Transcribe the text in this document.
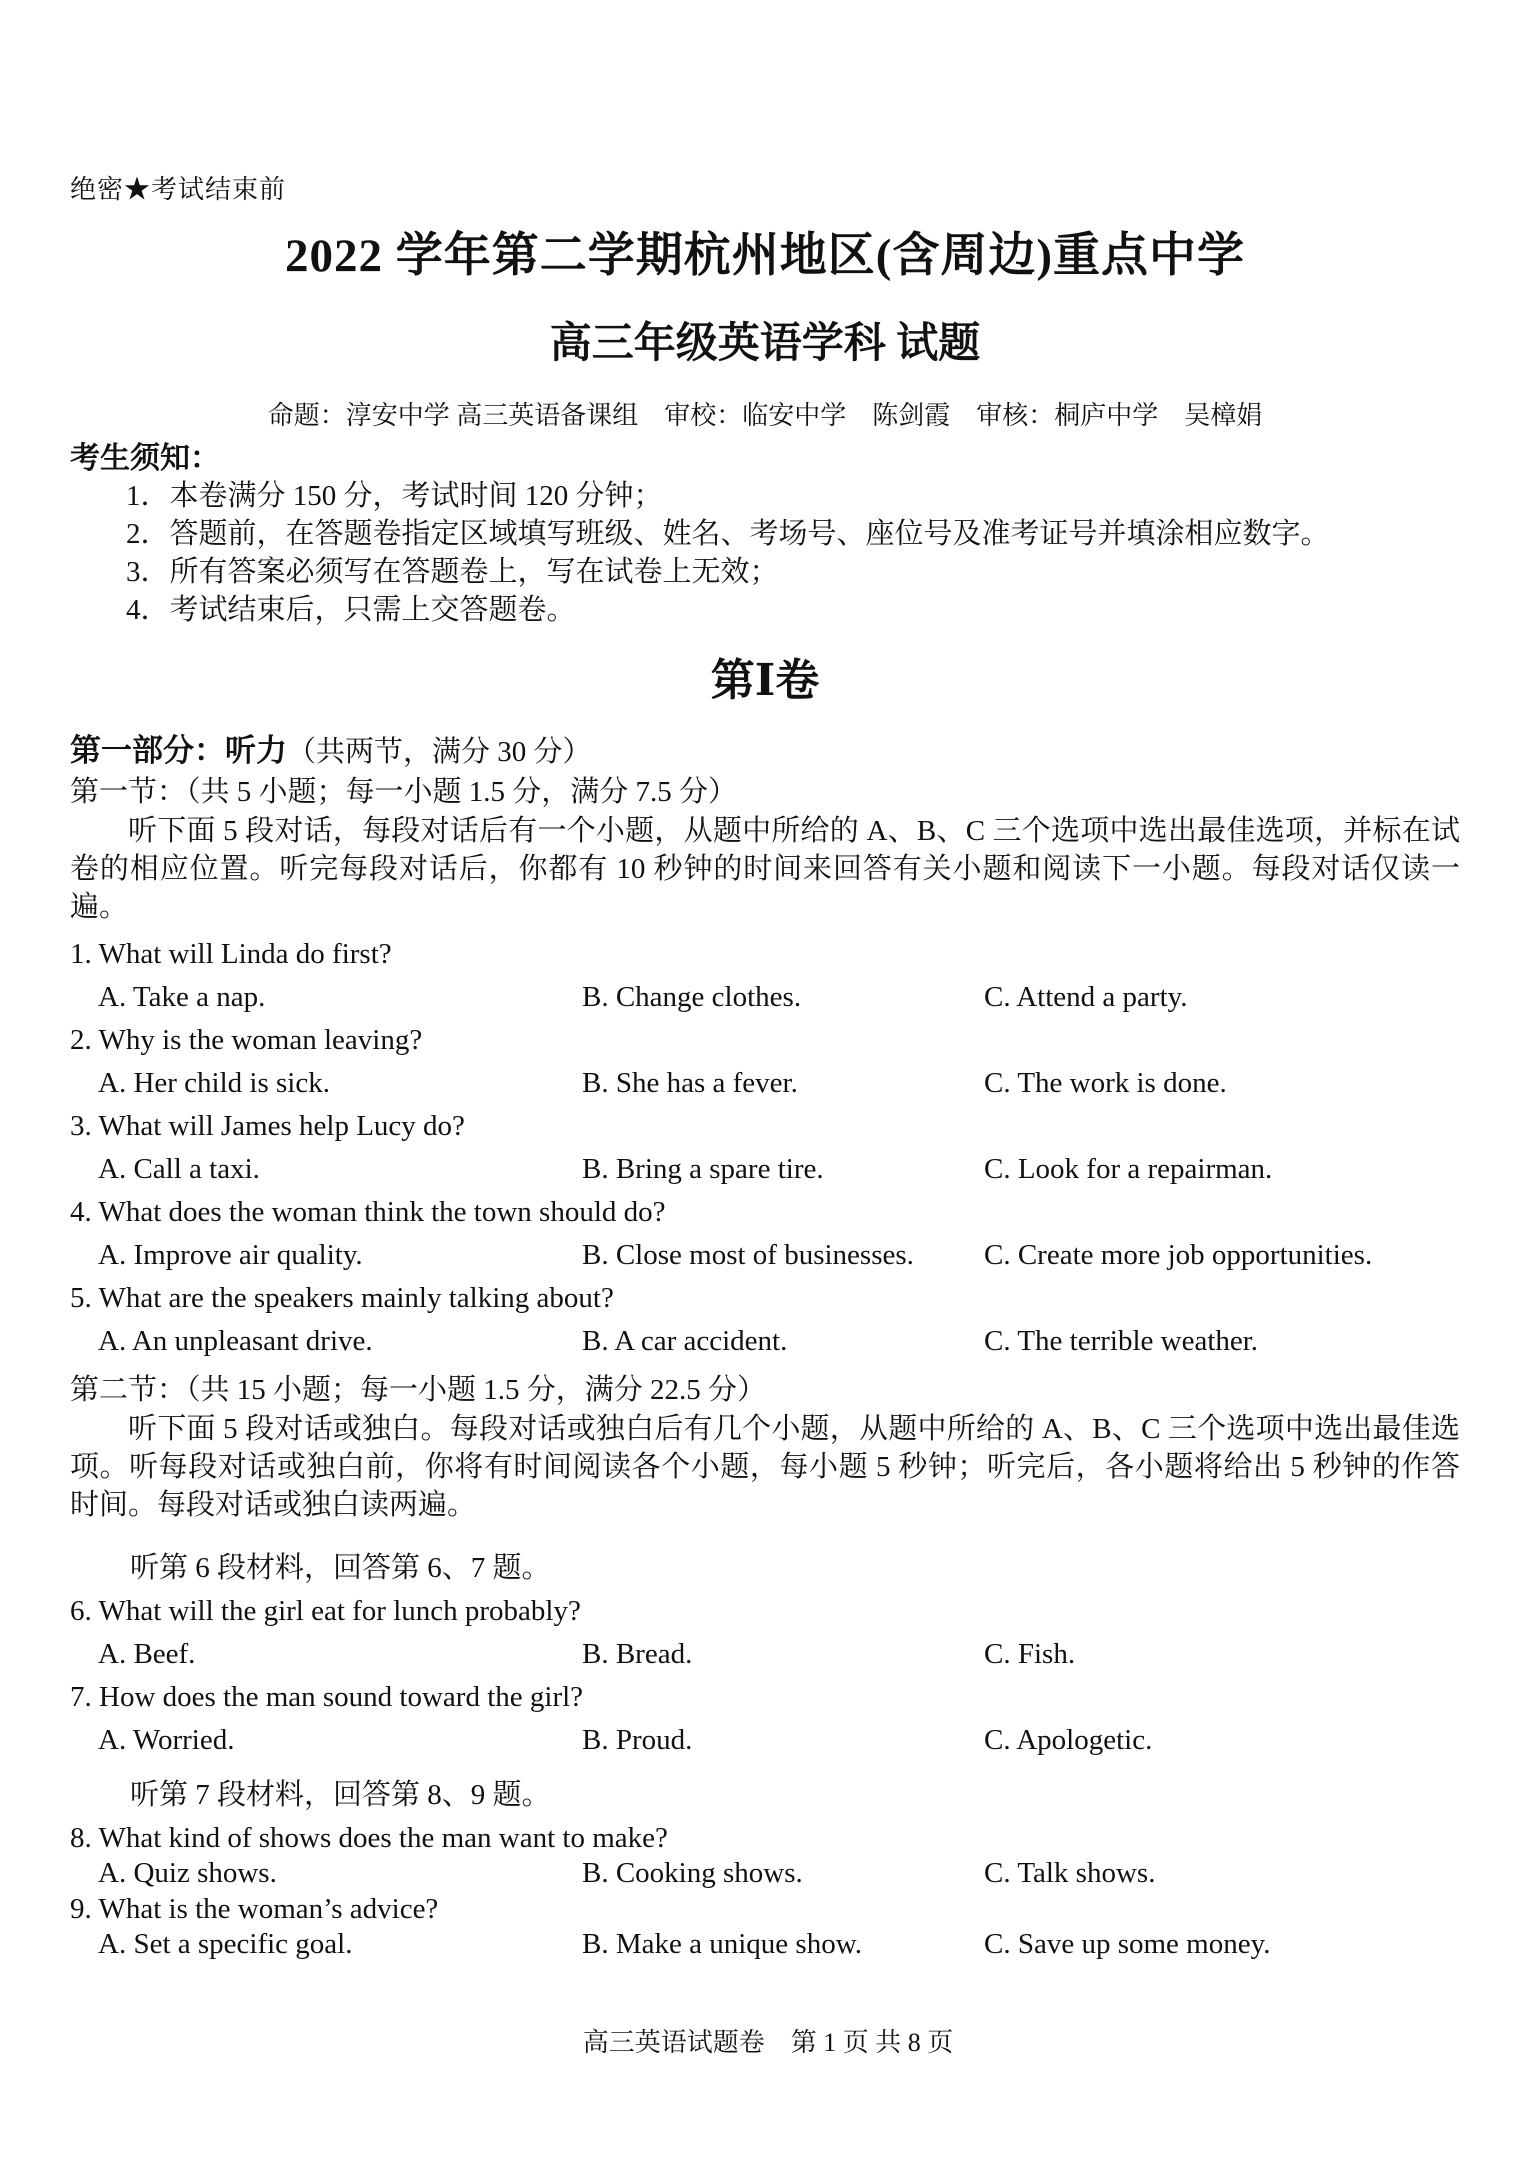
绝密★考试结束前
2022 学年第二学期杭州地区(含周边)重点中学
高三年级英语学科 试题
命题：淳安中学 高三英语备课组　审校：临安中学　陈剑霞　审核：桐庐中学　吴樟娟
考生须知：
1．本卷满分 150 分，考试时间 120 分钟；
2．答题前，在答题卷指定区域填写班级、姓名、考场号、座位号及准考证号并填涂相应数字。
3．所有答案必须写在答题卷上，写在试卷上无效；
4．考试结束后，只需上交答题卷。
第Ⅰ卷
第一部分：听力（共两节，满分 30 分）
第一节：（共 5 小题；每一小题 1.5 分，满分 7.5 分）
听下面 5 段对话，每段对话后有一个小题，从题中所给的 A、B、C 三个选项中选出最佳选项，并标在试卷的相应位置。听完每段对话后，你都有 10 秒钟的时间来回答有关小题和阅读下一小题。每段对话仅读一遍。
1. What will Linda do first?
A. Take a nap.	B. Change clothes.	C. Attend a party.
2. Why is the woman leaving?
A. Her child is sick.	B. She has a fever.	C. The work is done.
3. What will James help Lucy do?
A. Call a taxi.	B. Bring a spare tire.	C. Look for a repairman.
4. What does the woman think the town should do?
A. Improve air quality.	B. Close most of businesses.	C. Create more job opportunities.
5. What are the speakers mainly talking about?
A. An unpleasant drive.	B. A car accident.	C. The terrible weather.
第二节：（共 15 小题；每一小题 1.5 分，满分 22.5 分）
听下面 5 段对话或独白。每段对话或独白后有几个小题，从题中所给的 A、B、C 三个选项中选出最佳选项。听每段对话或独白前，你将有时间阅读各个小题，每小题 5 秒钟；听完后，各小题将给出 5 秒钟的作答时间。每段对话或独白读两遍。
听第 6 段材料，回答第 6、7 题。
6. What will the girl eat for lunch probably?
A. Beef.	B. Bread.	C. Fish.
7. How does the man sound toward the girl?
A. Worried.	B. Proud.	C. Apologetic.
听第 7 段材料，回答第 8、9 题。
8. What kind of shows does the man want to make?
A. Quiz shows.	B. Cooking shows.	C. Talk shows.
9. What is the woman’s advice?
A. Set a specific goal.	B. Make a unique show.	C. Save up some money.
高三英语试题卷　第 1 页 共 8 页
